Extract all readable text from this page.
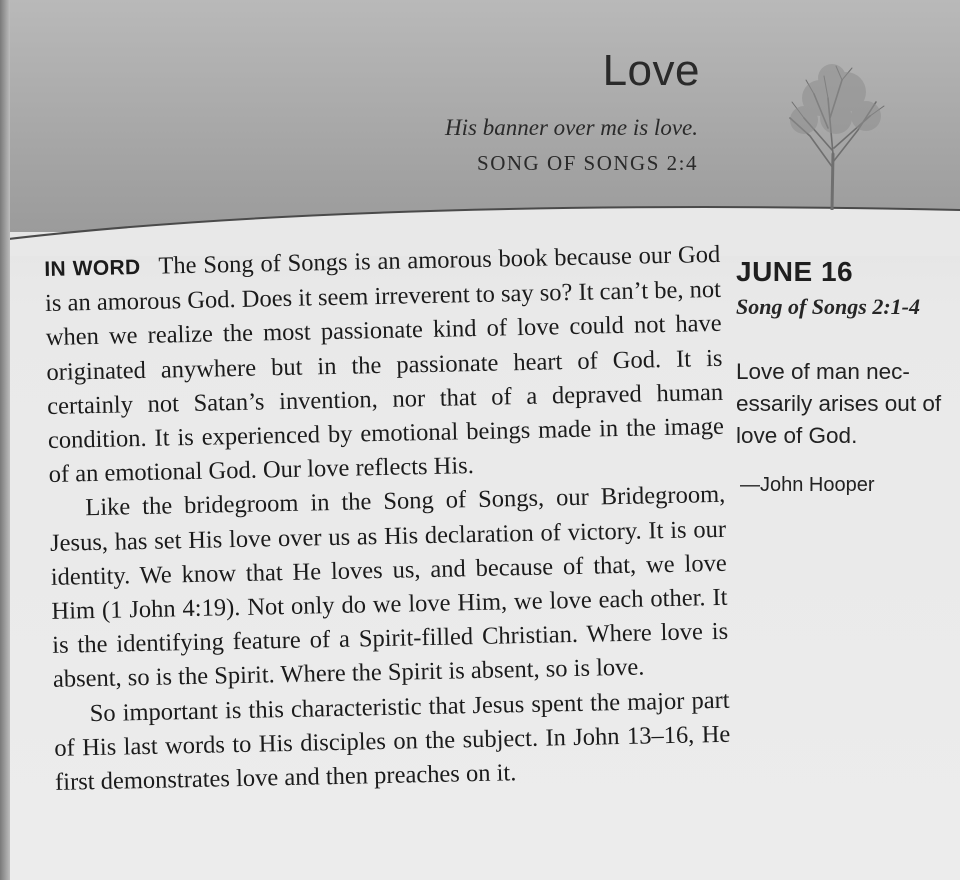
Love
His banner over me is love.
SONG OF SONGS 2:4

IN WORD The Song of Songs is an amorous book because our God is an amorous God. Does it seem irreverent to say so? It can’t be, not when we realize the most passionate kind of love could not have originated anywhere but in the passionate heart of God. It is certainly not Satan’s invention, nor that of a depraved human condition. It is experienced by emotional beings made in the image of an emotional God. Our love reflects His.

Like the bridegroom in the Song of Songs, our Bridegroom, Jesus, has set His love over us as His declaration of victory. It is our identity. We know that He loves us, and because of that, we love Him (1 John 4:19). Not only do we love Him, we love each other. It is the identifying feature of a Spirit-filled Christian. Where love is absent, so is the Spirit. Where the Spirit is absent, so is love.

So important is this characteristic that Jesus spent the major part of His last words to His disciples on the subject. In John 13–16, He first demonstrates love and then preaches on it.

JUNE 16
Song of Songs 2:1-4
Love of man nec- essarily arises out of love of God.
—John Hooper
